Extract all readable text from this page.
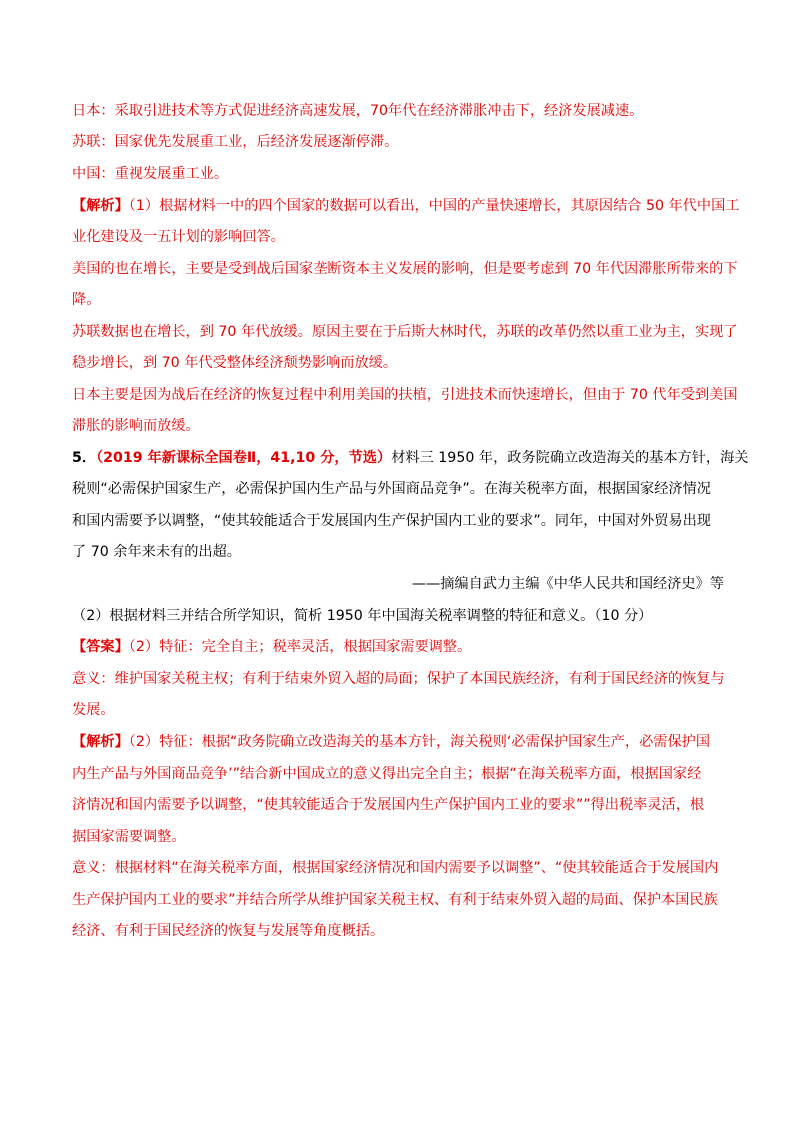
日本：采取引进技术等方式促进经济高速发展，70年代在经济滞胀冲击下，经济发展减速。
苏联：国家优先发展重工业，后经济发展逐渐停滞。
中国：重视发展重工业。
【解析】（1）根据材料一中的四个国家的数据可以看出，中国的产量快速增长，其原因结合 50 年代中国工
业化建设及一五计划的影响回答。
美国的也在增长，主要是受到战后国家垄断资本主义发展的影响，但是要考虑到 70 年代因滞胀所带来的下
降。
苏联数据也在增长，到 70 年代放缓。原因主要在于后斯大林时代，苏联的改革仍然以重工业为主，实现了
稳步增长，到 70 年代受整体经济颓势影响而放缓。
日本主要是因为战后在经济的恢复过程中利用美国的扶植，引进技术而快速增长，但由于 70 代年受到美国
滞胀的影响而放缓。
5．（2019 年新课标全国卷Ⅱ，41,10 分，节选）材料三 1950 年，政务院确立改造海关的基本方针，海关
税则“必需保护国家生产，必需保护国内生产品与外国商品竞争”。在海关税率方面，根据国家经济情况
和国内需要予以调整，“使其较能适合于发展国内生产保护国内工业的要求”。同年，中国对外贸易出现
了 70 余年来未有的出超。
——摘编自武力主编《中华人民共和国经济史》等
（2）根据材料三并结合所学知识，简析 1950 年中国海关税率调整的特征和意义。（10 分）
【答案】（2）特征：完全自主；税率灵活，根据国家需要调整。
意义：维护国家关税主权；有利于结束外贸入超的局面；保护了本国民族经济，有利于国民经济的恢复与
发展。
【解析】（2）特征：根据“政务院确立改造海关的基本方针，海关税则‘必需保护国家生产，必需保护国
内生产品与外国商品竞争’”结合新中国成立的意义得出完全自主；根据“在海关税率方面，根据国家经
济情况和国内需要予以调整，“使其较能适合于发展国内生产保护国内工业的要求””得出税率灵活，根
据国家需要调整。
意义：根据材料“在海关税率方面，根据国家经济情况和国内需要予以调整”、“使其较能适合于发展国内
生产保护国内工业的要求”并结合所学从维护国家关税主权、有利于结束外贸入超的局面、保护本国民族
经济、有利于国民经济的恢复与发展等角度概括。
